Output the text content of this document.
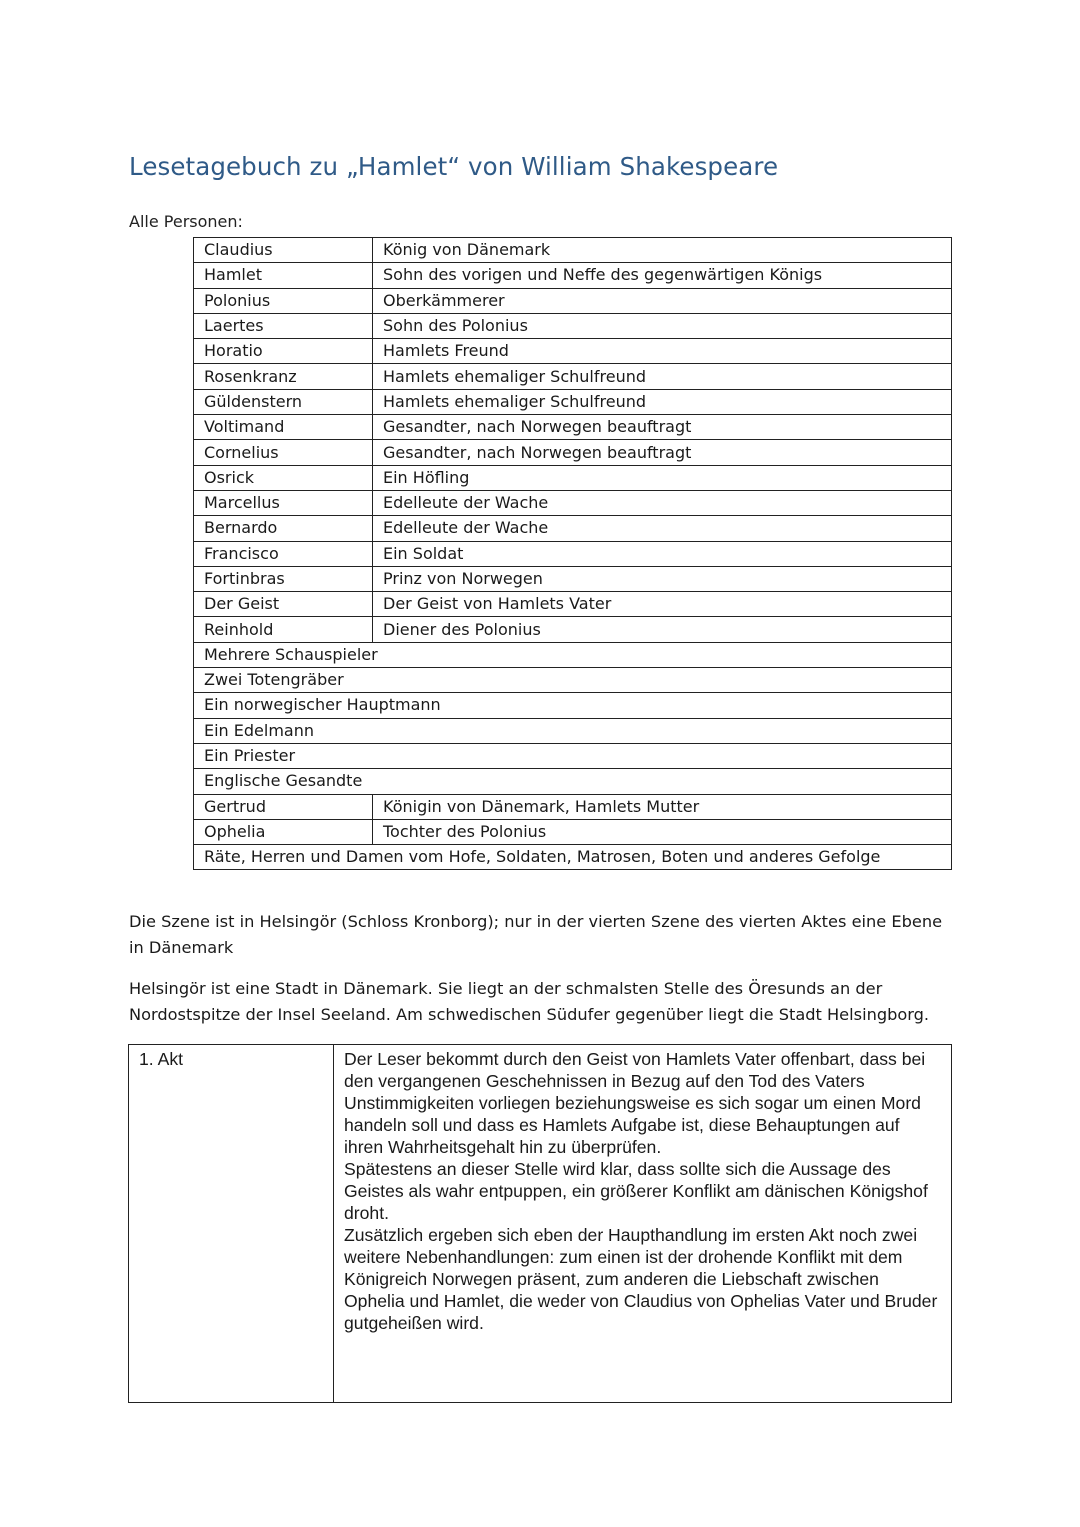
Lesetagebuch zu „Hamlet“ von William Shakespeare
Alle Personen:
Claudius	König von Dänemark
Hamlet	Sohn des vorigen und Neffe des gegenwärtigen Königs
Polonius	Oberkämmerer
Laertes	Sohn des Polonius
Horatio	Hamlets Freund
Rosenkranz	Hamlets ehemaliger Schulfreund
Güldenstern	Hamlets ehemaliger Schulfreund
Voltimand	Gesandter, nach Norwegen beauftragt
Cornelius	Gesandter, nach Norwegen beauftragt
Osrick	Ein Höfling
Marcellus	Edelleute der Wache
Bernardo	Edelleute der Wache
Francisco	Ein Soldat
Fortinbras	Prinz von Norwegen
Der Geist	Der Geist von Hamlets Vater
Reinhold	Diener des Polonius
Mehrere Schauspieler	
Zwei Totengräber	
Ein norwegischer Hauptmann	
Ein Edelmann	
Ein Priester	
Englische Gesandte	
Gertrud	Königin von Dänemark, Hamlets Mutter
Ophelia	Tochter des Polonius
Räte, Herren und Damen vom Hofe, Soldaten, Matrosen, Boten und anderes Gefolge	

Die Szene ist in Helsingör (Schloss Kronborg); nur in der vierten Szene des vierten Aktes eine Ebene in Dänemark

Helsingör ist eine Stadt in Dänemark. Sie liegt an der schmalsten Stelle des Öresunds an der Nordostspitze der Insel Seeland. Am schwedischen Südufer gegenüber liegt die Stadt Helsingborg.

1. Akt	Der Leser bekommt durch den Geist von Hamlets Vater offenbart, dass bei den vergangenen Geschehnissen in Bezug auf den Tod des Vaters Unstimmigkeiten vorliegen beziehungsweise es sich sogar um einen Mord handeln soll und dass es Hamlets Aufgabe ist, diese Behauptungen auf ihren Wahrheitsgehalt hin zu überprüfen.

Spätestens an dieser Stelle wird klar, dass sollte sich die Aussage des Geistes als wahr entpuppen, ein größerer Konflikt am dänischen Königshof droht.

Zusätzlich ergeben sich eben der Haupthandlung im ersten Akt noch zwei weitere Nebenhandlungen: zum einen ist der drohende Konflikt mit dem Königreich Norwegen präsent, zum anderen die Liebschaft zwischen Ophelia und Hamlet, die weder von Claudius von Ophelias Vater und Bruder gutgeheißen wird.
